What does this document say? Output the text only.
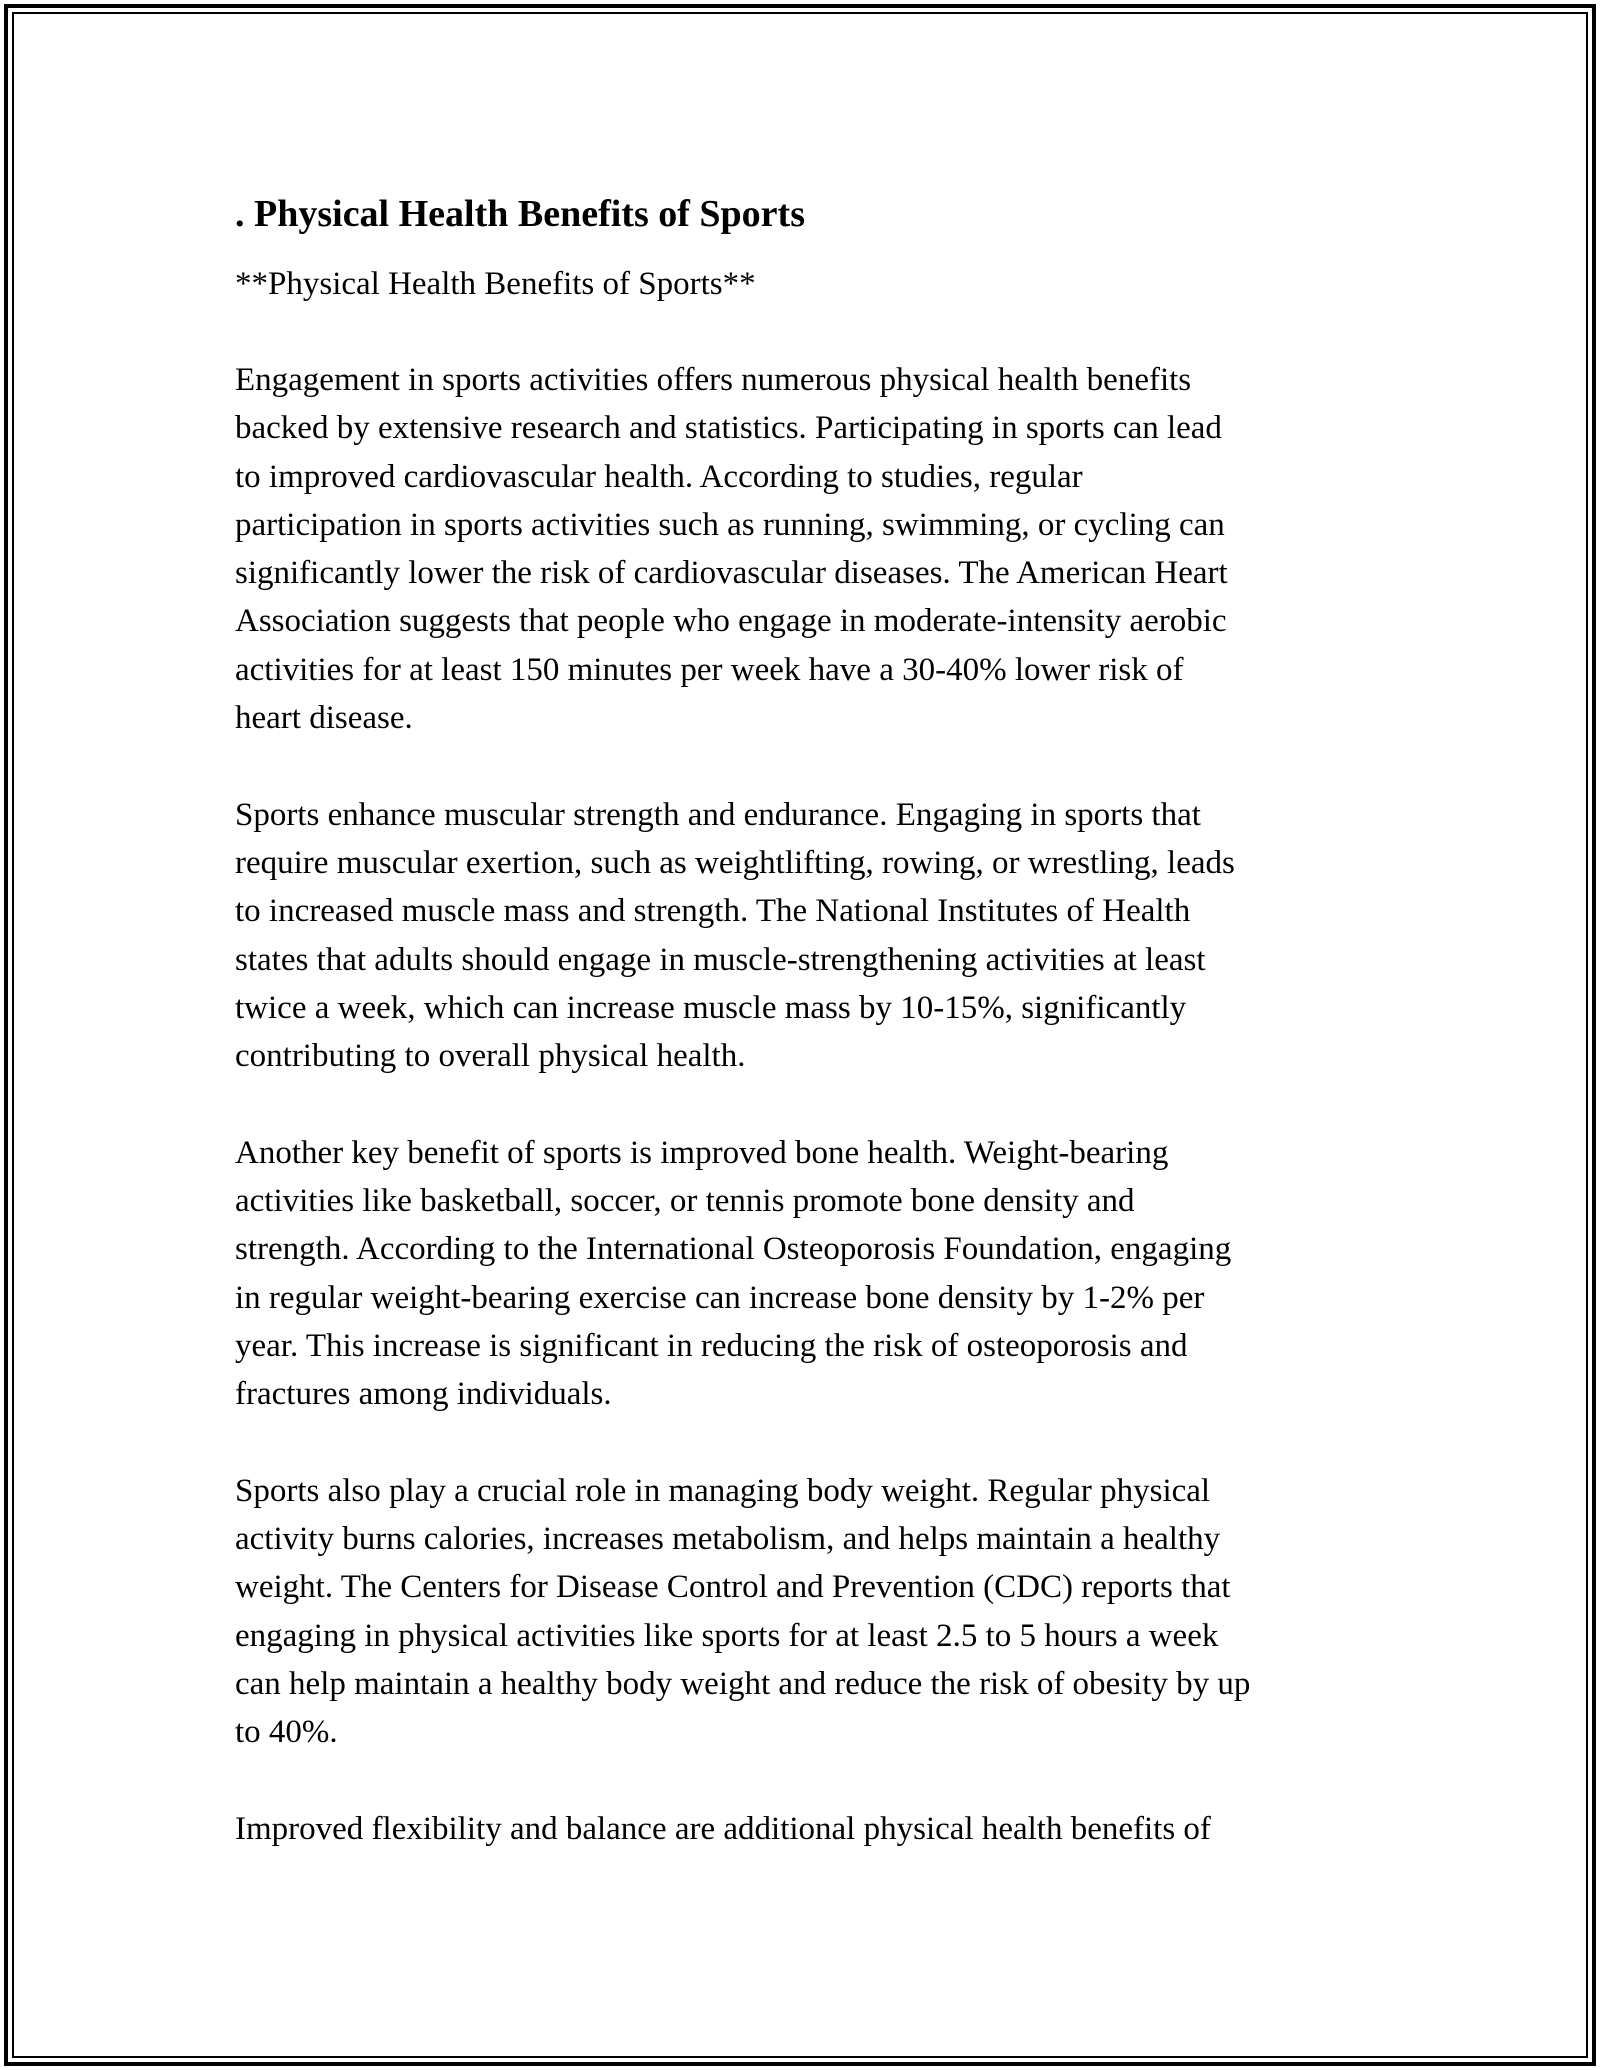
. Physical Health Benefits of Sports
**Physical Health Benefits of Sports**
Engagement in sports activities offers numerous physical health benefits
backed by extensive research and statistics. Participating in sports can lead
to improved cardiovascular health. According to studies, regular
participation in sports activities such as running, swimming, or cycling can
significantly lower the risk of cardiovascular diseases. The American Heart
Association suggests that people who engage in moderate-intensity aerobic
activities for at least 150 minutes per week have a 30-40% lower risk of
heart disease.
Sports enhance muscular strength and endurance. Engaging in sports that
require muscular exertion, such as weightlifting, rowing, or wrestling, leads
to increased muscle mass and strength. The National Institutes of Health
states that adults should engage in muscle-strengthening activities at least
twice a week, which can increase muscle mass by 10-15%, significantly
contributing to overall physical health.
Another key benefit of sports is improved bone health. Weight-bearing
activities like basketball, soccer, or tennis promote bone density and
strength. According to the International Osteoporosis Foundation, engaging
in regular weight-bearing exercise can increase bone density by 1-2% per
year. This increase is significant in reducing the risk of osteoporosis and
fractures among individuals.
Sports also play a crucial role in managing body weight. Regular physical
activity burns calories, increases metabolism, and helps maintain a healthy
weight. The Centers for Disease Control and Prevention (CDC) reports that
engaging in physical activities like sports for at least 2.5 to 5 hours a week
can help maintain a healthy body weight and reduce the risk of obesity by up
to 40%.
Improved flexibility and balance are additional physical health benefits of
